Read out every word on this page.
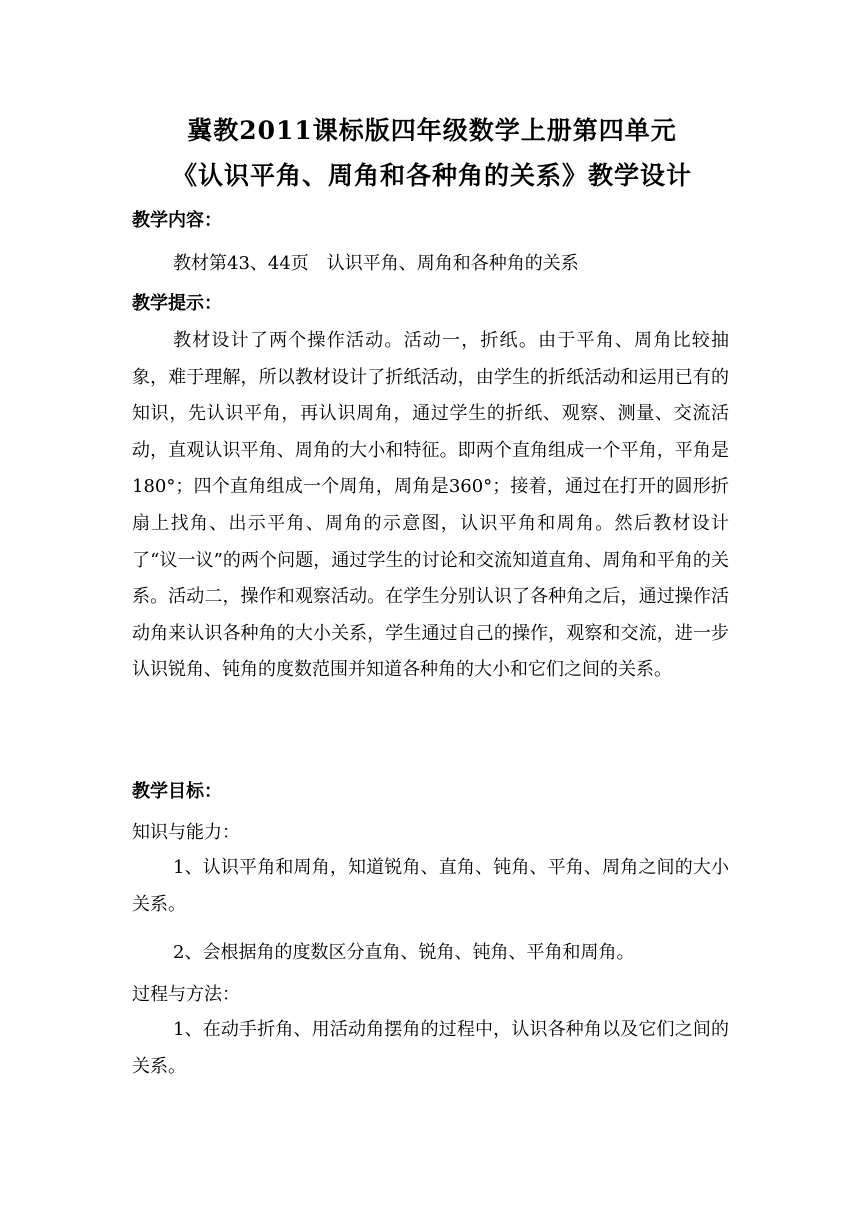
冀教2011课标版四年级数学上册第四单元
《认识平角、周角和各种角的关系》教学设计
教学内容：
教材第43、44页　认识平角、周角和各种角的关系
教学提示：

教材设计了两个操作活动。活动一，折纸。由于平角、周角比较抽象，难于理解，所以教材设计了折纸活动，由学生的折纸活动和运用已有的知识，先认识平角，再认识周角，通过学生的折纸、观察、测量、交流活动，直观认识平角、周角的大小和特征。即两个直角组成一个平角，平角是180°；四个直角组成一个周角，周角是360°；接着，通过在打开的圆形折扇上找角、出示平角、周角的示意图，认识平角和周角。然后教材设计了“议一议”的两个问题，通过学生的讨论和交流知道直角、周角和平角的关系。活动二，操作和观察活动。在学生分别认识了各种角之后，通过操作活动角来认识各种角的大小关系，学生通过自己的操作，观察和交流，进一步认识锐角、钝角的度数范围并知道各种角的大小和它们之间的关系。

教学目标：
知识与能力：

1、认识平角和周角，知道锐角、直角、钝角、平角、周角之间的大小关系。

2、会根据角的度数区分直角、锐角、钝角、平角和周角。
过程与方法：

1、在动手折角、用活动角摆角的过程中，认识各种角以及它们之间的关系。
